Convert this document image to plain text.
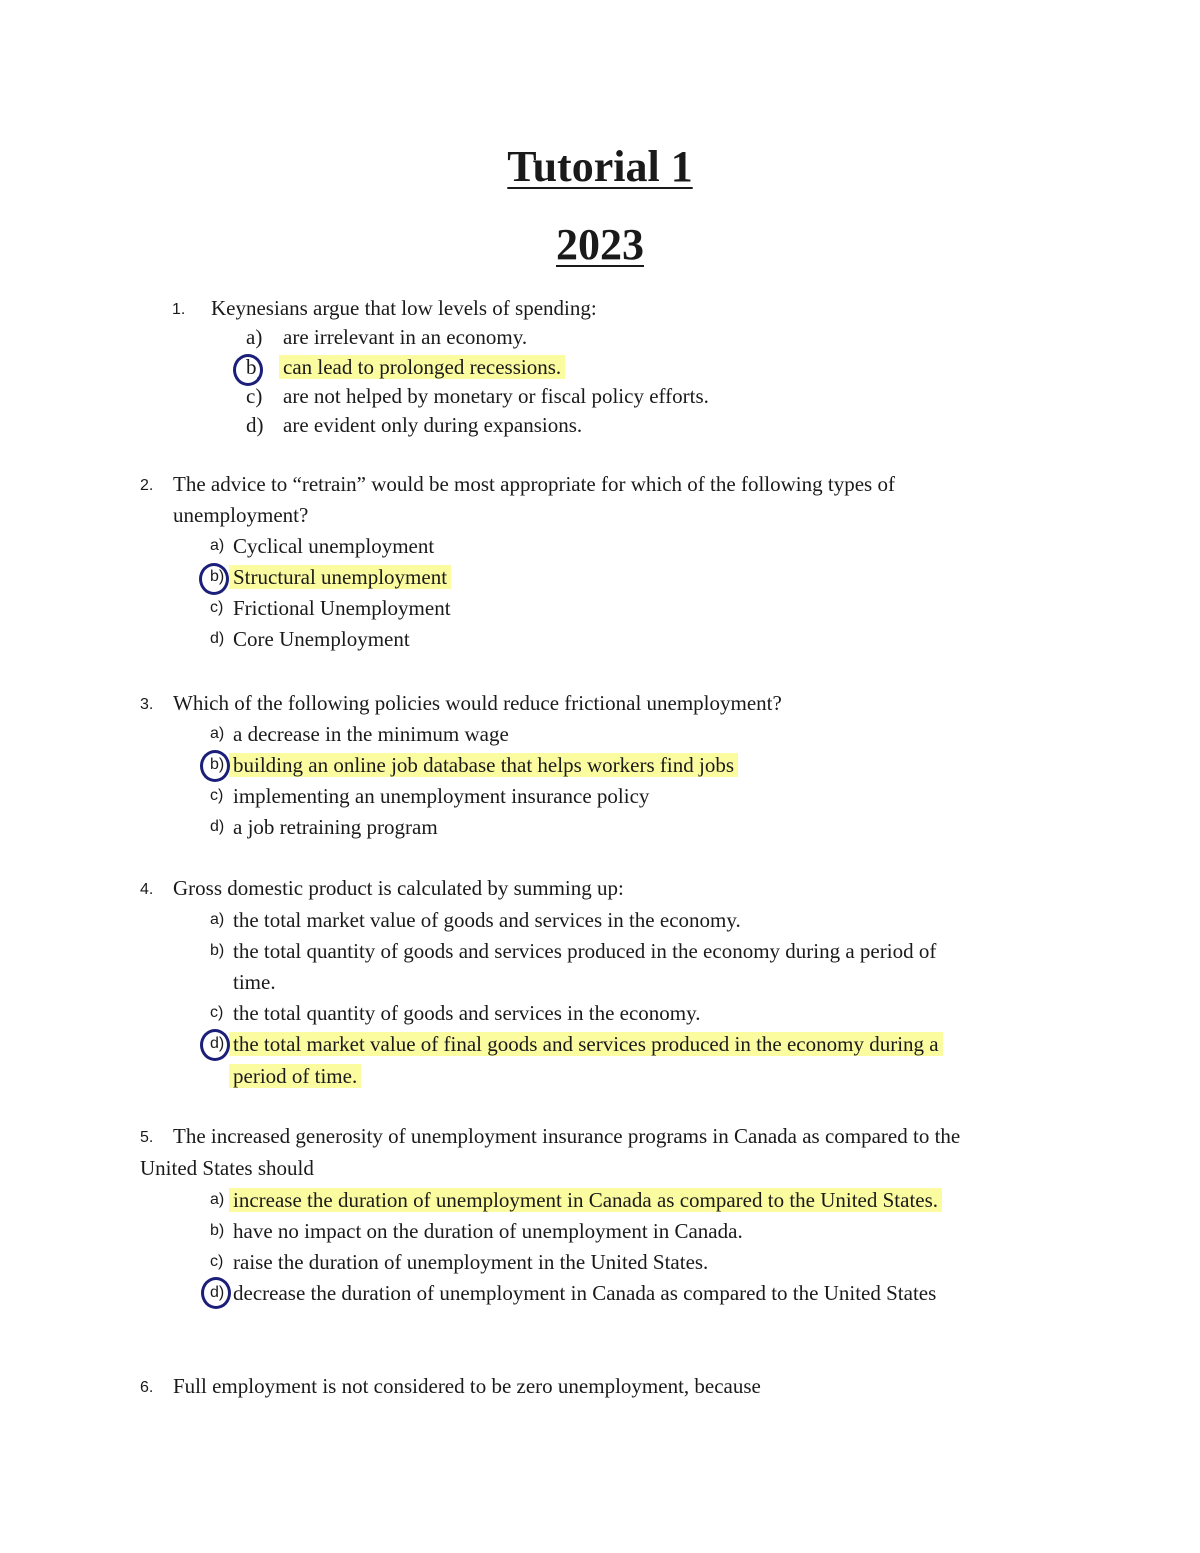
Tutorial 1
2023
1. Keynesians argue that low levels of spending:
a) are irrelevant in an economy.
b) can lead to prolonged recessions.
c) are not helped by monetary or fiscal policy efforts.
d) are evident only during expansions.
2. The advice to “retrain” would be most appropriate for which of the following types of
unemployment?
a) Cyclical unemployment
b) Structural unemployment
c) Frictional Unemployment
d) Core Unemployment
3. Which of the following policies would reduce frictional unemployment?
a) a decrease in the minimum wage
b) building an online job database that helps workers find jobs
c) implementing an unemployment insurance policy
d) a job retraining program
4. Gross domestic product is calculated by summing up:
a) the total market value of goods and services in the economy.
b) the total quantity of goods and services produced in the economy during a period of
time.
c) the total quantity of goods and services in the economy.
d) the total market value of final goods and services produced in the economy during a
period of time.
5. The increased generosity of unemployment insurance programs in Canada as compared to the
United States should
a) increase the duration of unemployment in Canada as compared to the United States.
b) have no impact on the duration of unemployment in Canada.
c) raise the duration of unemployment in the United States.
d) decrease the duration of unemployment in Canada as compared to the United States
6. Full employment is not considered to be zero unemployment, because
